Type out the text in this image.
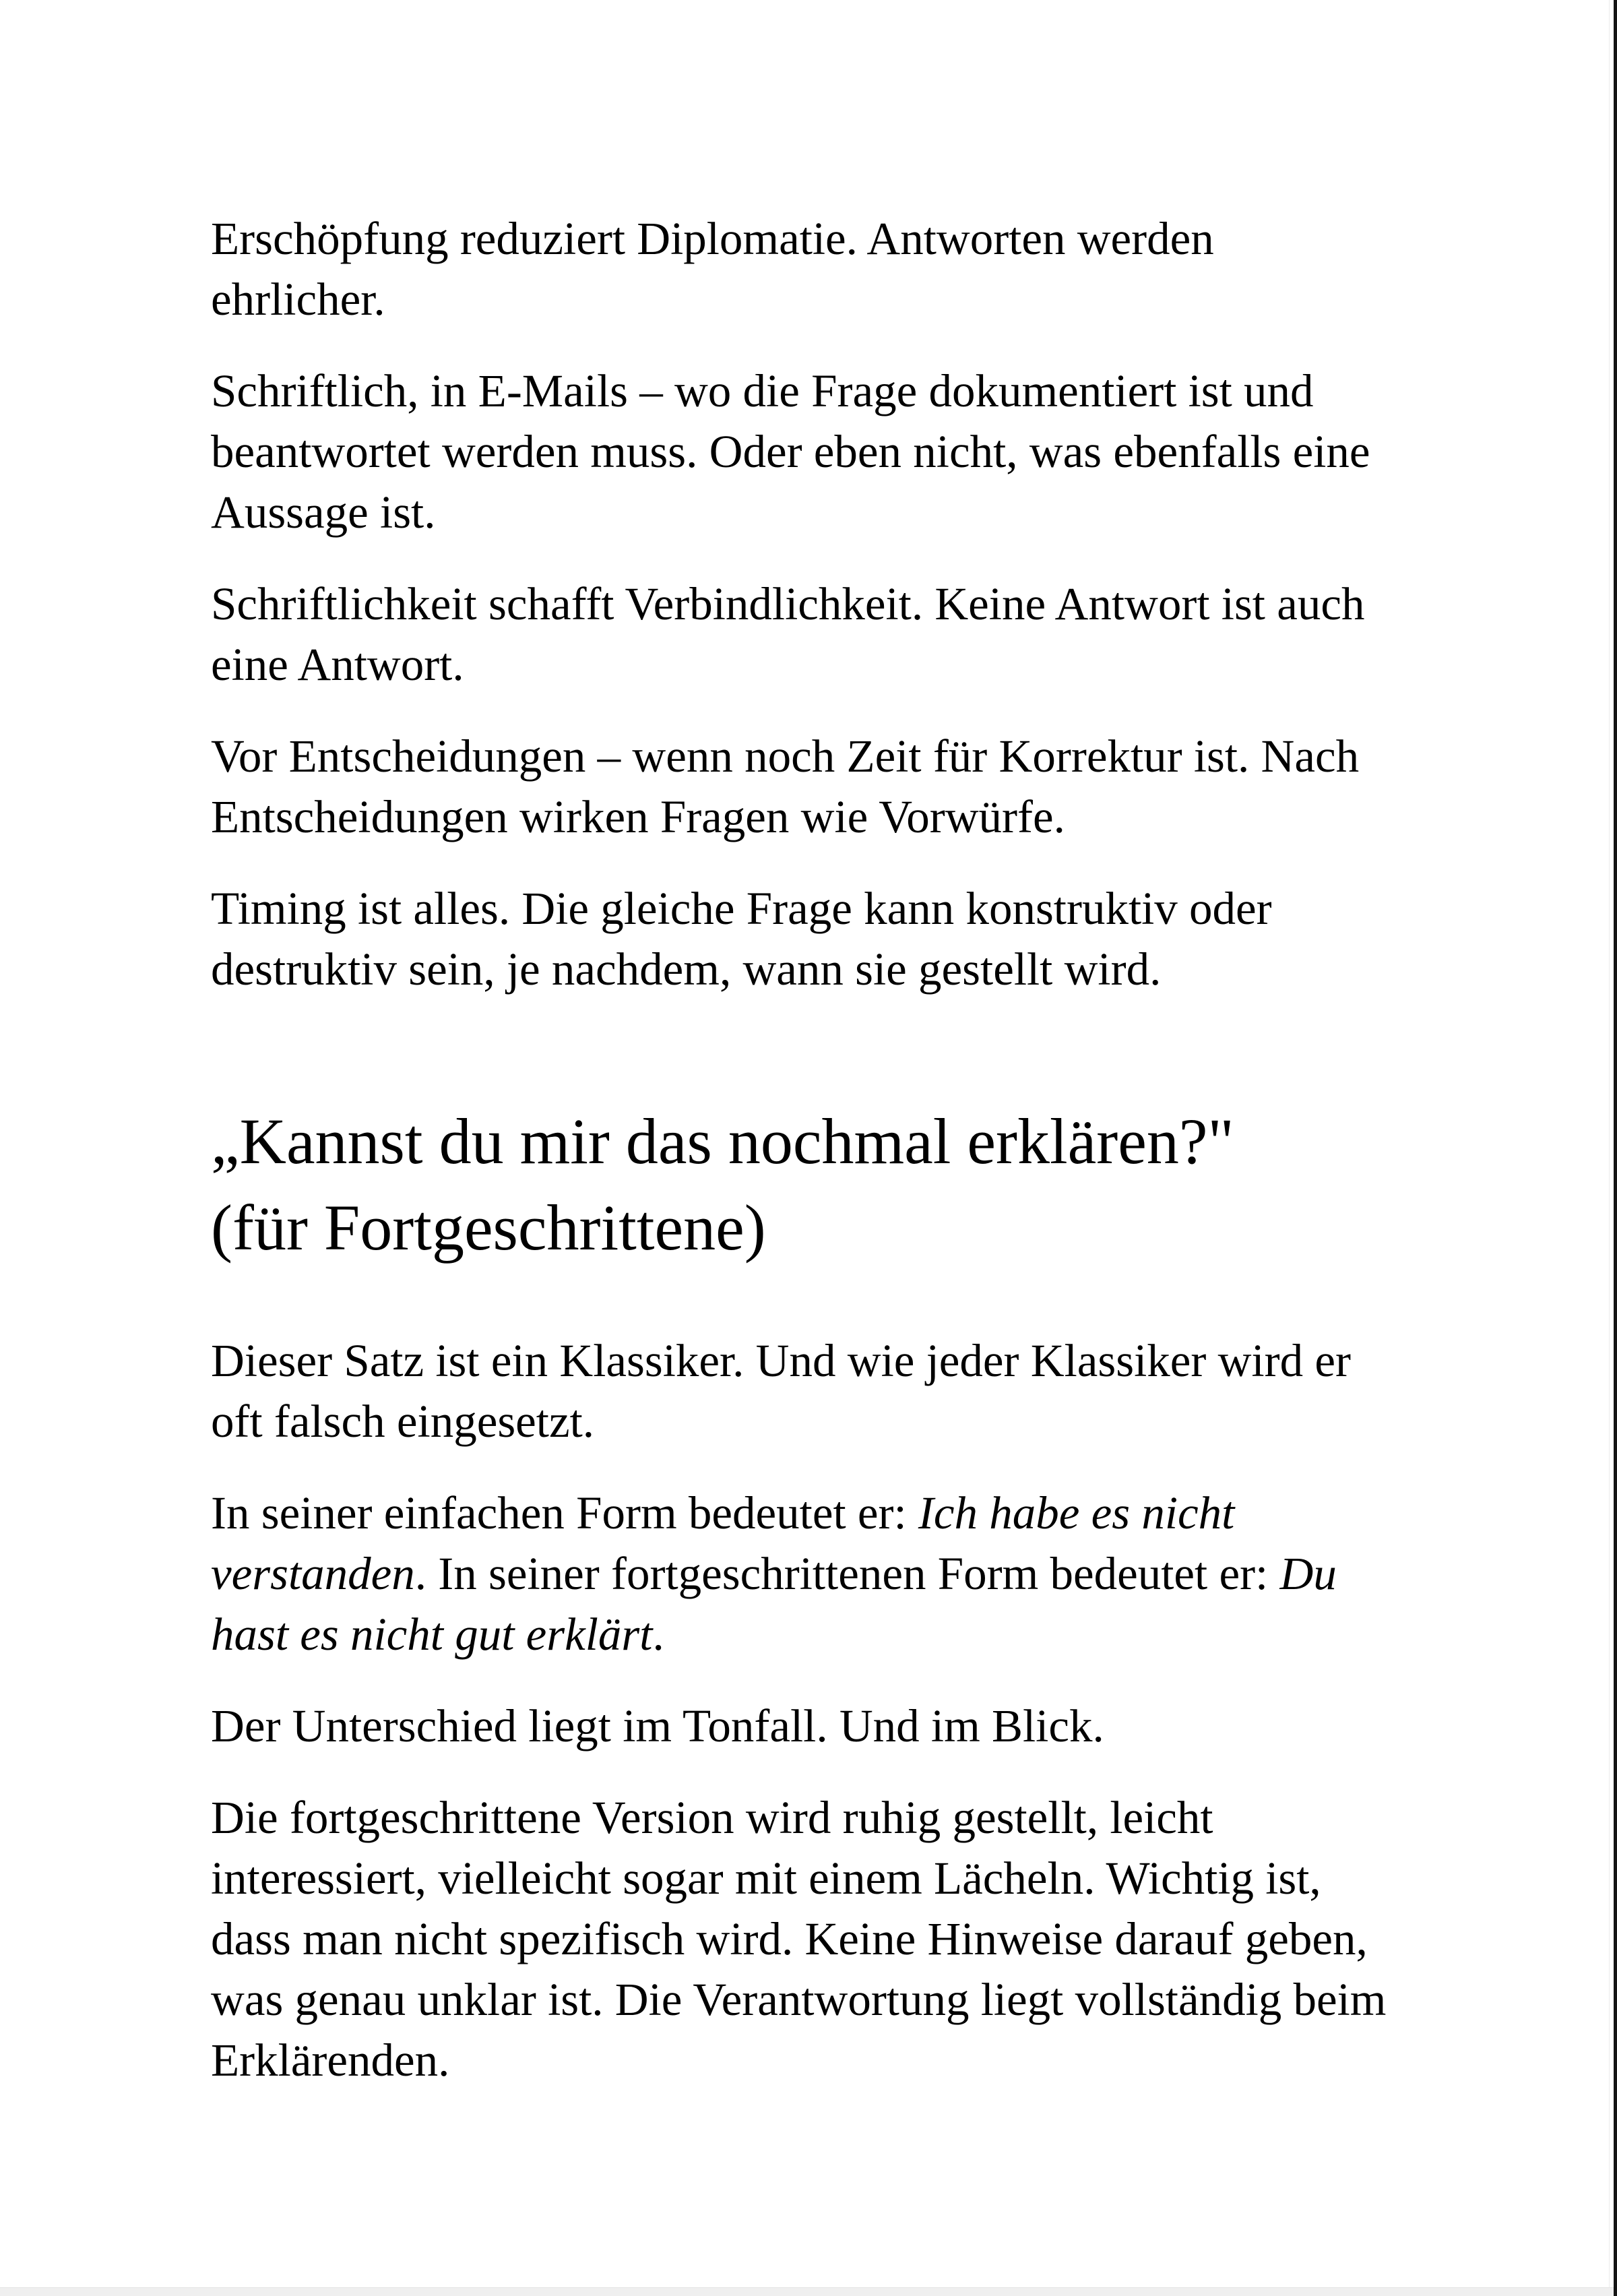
Erschöpfung reduziert Diplomatie. Antworten werden ehrlicher.

Schriftlich, in E-Mails – wo die Frage dokumentiert ist und beantwortet werden muss. Oder eben nicht, was ebenfalls eine Aussage ist.

Schriftlichkeit schafft Verbindlichkeit. Keine Antwort ist auch eine Antwort.

Vor Entscheidungen – wenn noch Zeit für Korrektur ist. Nach Entscheidungen wirken Fragen wie Vorwürfe.

Timing ist alles. Die gleiche Frage kann konstruktiv oder destruktiv sein, je nachdem, wann sie gestellt wird.

„Kannst du mir das nochmal erklären?"
(für Fortgeschrittene)

Dieser Satz ist ein Klassiker. Und wie jeder Klassiker wird er oft falsch eingesetzt.

In seiner einfachen Form bedeutet er: Ich habe es nicht verstanden. In seiner fortgeschrittenen Form bedeutet er: Du hast es nicht gut erklärt.

Der Unterschied liegt im Tonfall. Und im Blick.

Die fortgeschrittene Version wird ruhig gestellt, leicht interessiert, vielleicht sogar mit einem Lächeln. Wichtig ist, dass man nicht spezifisch wird. Keine Hinweise darauf geben, was genau unklar ist. Die Verantwortung liegt vollständig beim Erklärenden.
